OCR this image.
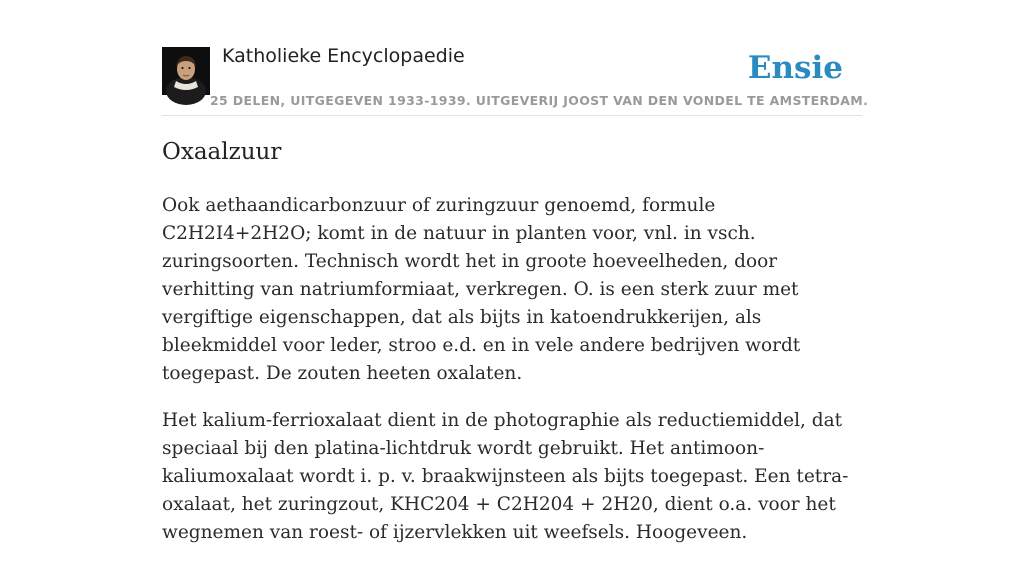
Katholieke Encyclopaedie	Ensie
25 DELEN, UITGEGEVEN 1933-1939. UITGEVERIJ JOOST VAN DEN VONDEL TE AMSTERDAM.
Oxaalzuur

Ook aethaandicarbonzuur of zuringzuur genoemd, formule C2H2I4+2H2O; komt in de natuur in planten voor, vnl. in vsch. zuringsoorten. Technisch wordt het in groote hoeveelheden, door verhitting van natriumformiaat, verkregen. O. is een sterk zuur met vergiftige eigenschappen, dat als bijts in katoendrukkerijen, als bleekmiddel voor leder, stroo e.d. en in vele andere bedrijven wordt toegepast. De zouten heeten oxalaten.

Het kalium-ferrioxalaat dient in de photographie als reductiemiddel, dat speciaal bij den platina-lichtdruk wordt gebruikt. Het antimoon-kaliumoxalaat wordt i. p. v. braakwijnsteen als bijts toegepast. Een tetra-oxalaat, het zuringzout, KHC204 + C2H204 + 2H20, dient o.a. voor het wegnemen van roest- of ijzervlekken uit weefsels. Hoogeveen.
